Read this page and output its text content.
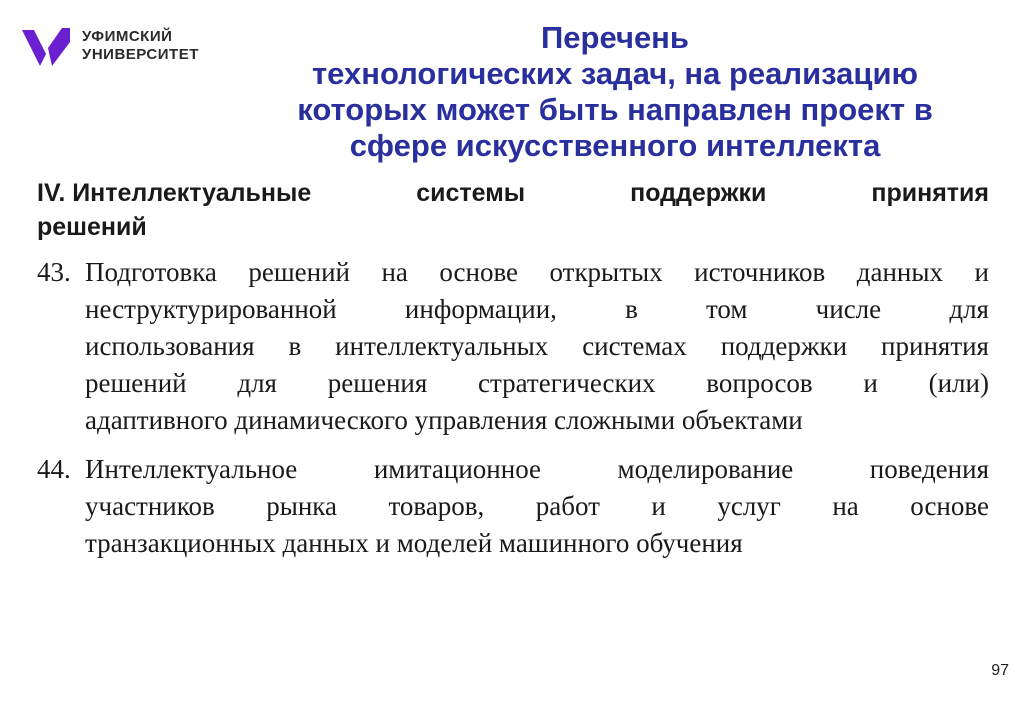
УФИМСКИЙ
УНИВЕРСИТЕТ	Перечень
технологических задач, на реализацию
которых может быть направлен проект в
сфере искусственного интеллекта
IV. Интеллектуальные	системы	поддержки	принятия
решений
43. Подготовка решений на основе открытых источников данных и
неструктурированной	информации,	в	том	числе	для
использования в интеллектуальных системах поддержки принятия
решений для решения стратегических вопросов и (или)
адаптивного динамического управления сложными объектами
44. Интеллектуальное	имитационное	моделирование	поведения
участников рынка товаров, работ и услуг на основе
транзакционных данных и моделей машинного обучения
97
